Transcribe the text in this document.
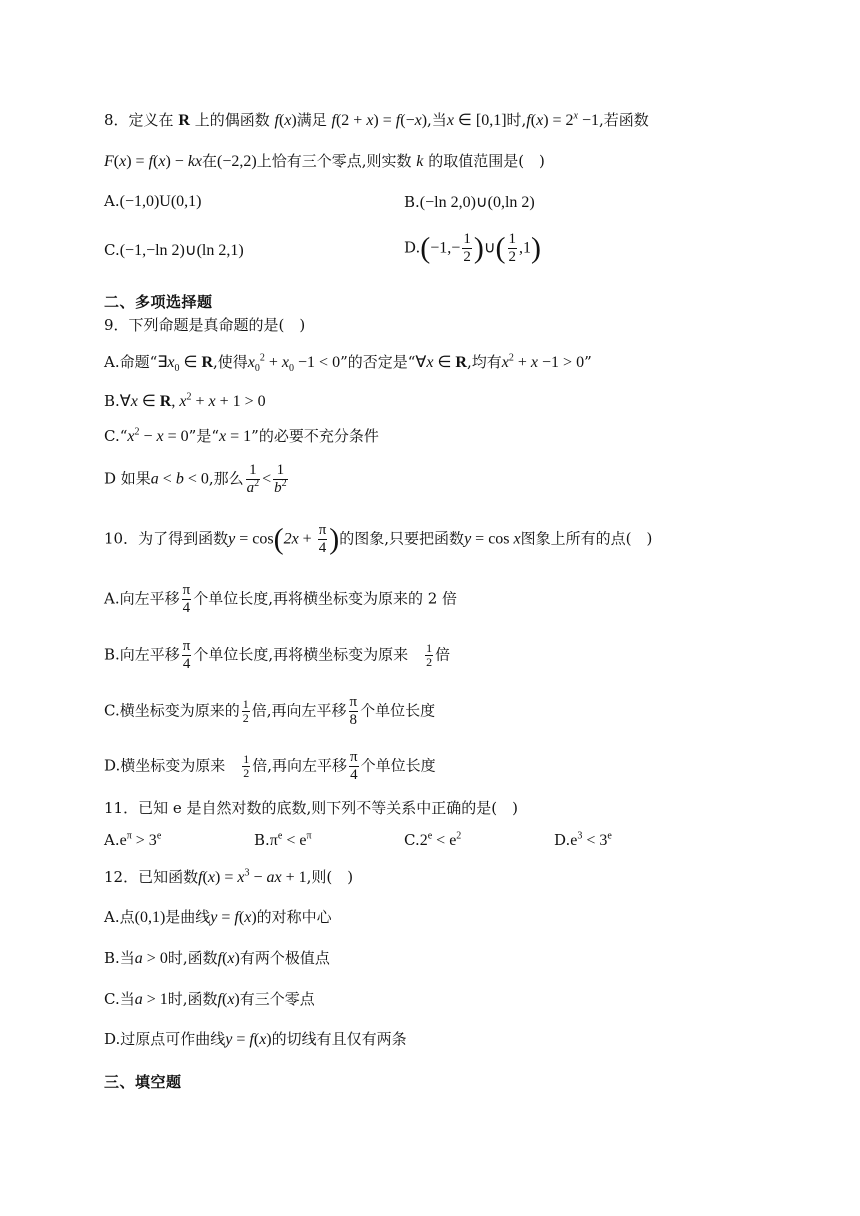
8．定义在 R 上的偶函数 f(x)满足 f(2 + x) = f(−x),当x ∈ [0,1]时$,f(x) = 2^x -1$,若函数
F(x) = f(x) − kx在(−2,2)上恰有三个零点,则实数 k 的取值范围是(　)
A.(−1,0)U(0,1)	B.(−ln 2,0)∪(0,ln 2)
C.(−1,−ln 2)∪(ln 2,1)	$D.(-1,- \frac{1}{2}$ )∪( $\frac{1}{2} ,1$)
二、多项选择题
9．下列命题是真命题的是(　)
A.命题“$\exists x_0$ ∈ R,使得$x_0^2 + x_0 -1 < 0$”的否定是“∀x ∈ R,均有$x^2 + x -1 > 0$”
B.∀x ∈ R, $x^2 + x + 1 > 0$
$C.“x^2 - x = 0$”是“x = 1”的必要不充分条件
D 如果a < b < 0,那么 $\frac{1}{a^2} < \frac{1}{b^2}$
10．为了得到函数$y = \cos(2x + \frac{\pi}{4}$ )的图象,只要把函数y = cos x图象上所有的点(　)
A.向左平移 $\frac{\pi}{4}$ 个单位长度,再将横坐标变为原来的 2 倍
B.向左平移 $\frac{\pi}{4}$ 个单位长度,再将横坐标变为原来　 $\frac{1}{2}$ 倍
C.横坐标变为原来的 $\frac{1}{2}$ 倍,再向左平移 $\frac{\pi}{8}$ 个单位长度
D.横坐标变为原来　 $\frac{1}{2}$ 倍,再向左平移 $\frac{\pi}{4}$ 个单位长度
11．已知 e 是自然对数的底数,则下列不等关系中正确的是(　)
$A.e^\pi > 3^e$	$B.\pi^e < e^\pi$	$C.2^e < e^2$	$D.e^3 < 3^e$
12．已知函数$f(x) = x^3$ − ax + 1,则(　)
A.点(0,1)是曲线y = f(x)的对称中心
B.当a > 0时,函数f(x)有两个极值点
C.当a > 1时,函数f(x)有三个零点
D.过原点可作曲线y = f(x)的切线有且仅有两条
三、填空题
